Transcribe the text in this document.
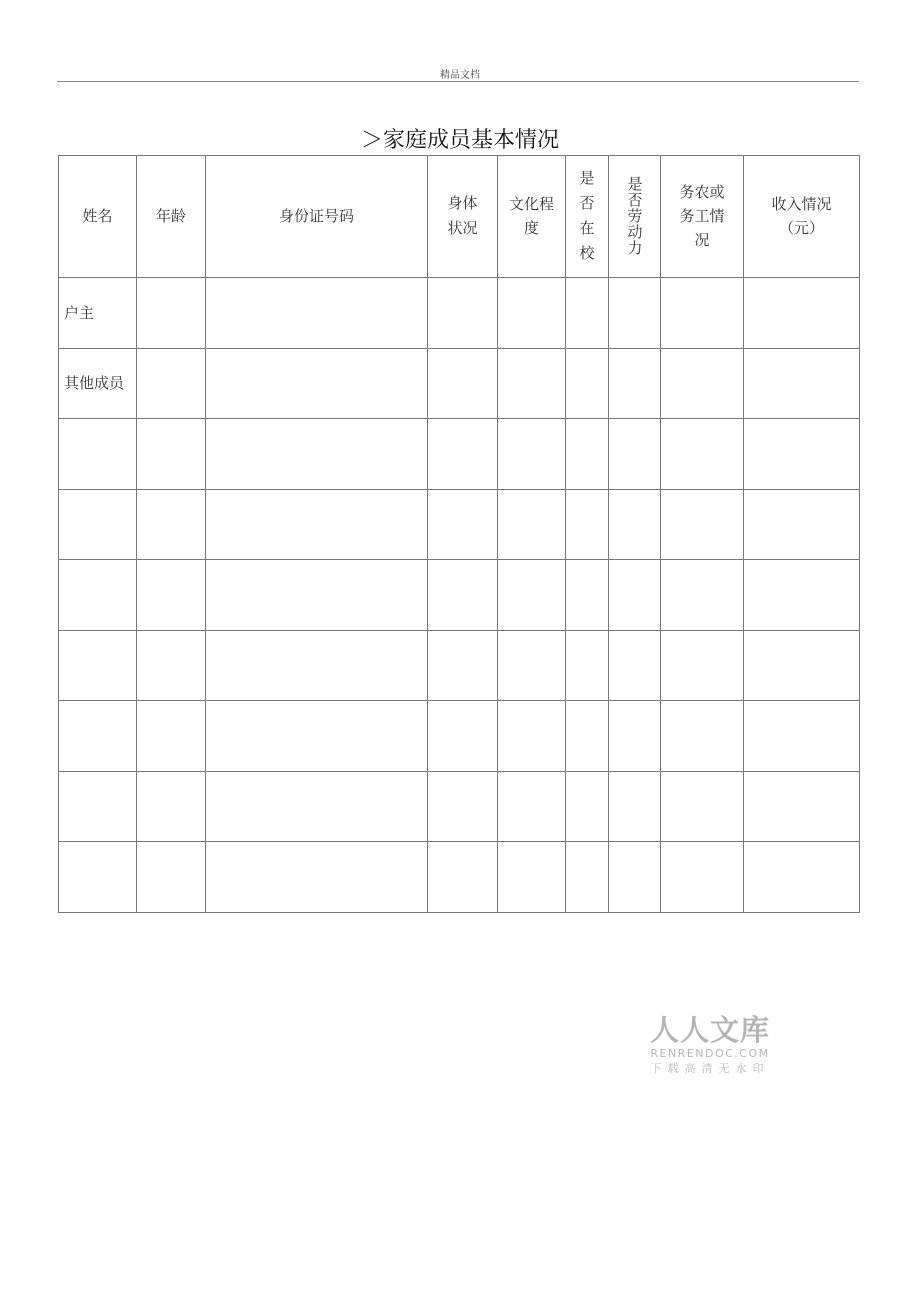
精品文档
＞家庭成员基本情况
姓名	年龄	身份证号码	身体状况	文化程度	是否在校	是否劳动力	务农或务工情况	收入情况（元）

户主								

其他成员								

人人文库
RENRENDOC.COM
下载高清无水印
